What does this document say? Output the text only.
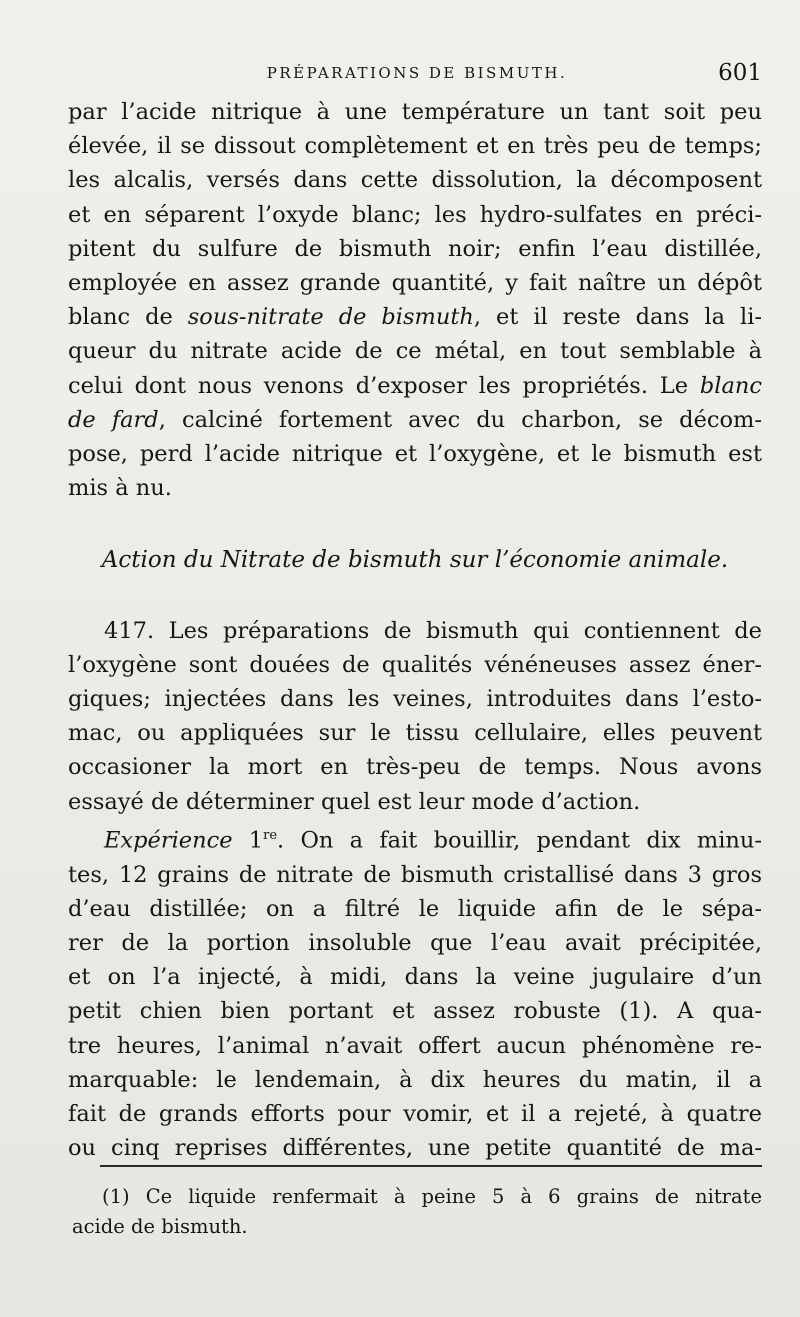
PRÉPARATIONS DE BISMUTH.	601

par l’acide nitrique à une température un tant soit peu
élevée, il se dissout complètement et en très peu de temps;
les alcalis, versés dans cette dissolution, la décomposent
et en séparent l’oxyde blanc; les hydro-sulfates en préci-
pitent du sulfure de bismuth noir; enfin l’eau distillée,
employée en assez grande quantité, y fait naître un dépôt
blanc de sous-nitrate de bismuth, et il reste dans la li-
queur du nitrate acide de ce métal, en tout semblable à
celui dont nous venons d’exposer les propriétés. Le blanc
de fard, calciné fortement avec du charbon, se décom-
pose, perd l’acide nitrique et l’oxygène, et le bismuth est
mis à nu.

Action du Nitrate de bismuth sur l’économie animale.

417. Les préparations de bismuth qui contiennent de
l’oxygène sont douées de qualités vénéneuses assez éner-
giques; injectées dans les veines, introduites dans l’esto-
mac, ou appliquées sur le tissu cellulaire, elles peuvent
occasioner la mort en très-peu de temps. Nous avons
essayé de déterminer quel est leur mode d’action.

Expérience 1re. On a fait bouillir, pendant dix minu-
tes, 12 grains de nitrate de bismuth cristallisé dans 3 gros
d’eau distillée; on a filtré le liquide afin de le sépa-
rer de la portion insoluble que l’eau avait précipitée,
et on l’a injecté, à midi, dans la veine jugulaire d’un
petit chien bien portant et assez robuste (1). A qua-
tre heures, l’animal n’avait offert aucun phénomène re-
marquable: le lendemain, à dix heures du matin, il a
fait de grands efforts pour vomir, et il a rejeté, à quatre
ou cinq reprises différentes, une petite quantité de ma-

(1) Ce liquide renfermait à peine 5 à 6 grains de nitrate
acide de bismuth.
